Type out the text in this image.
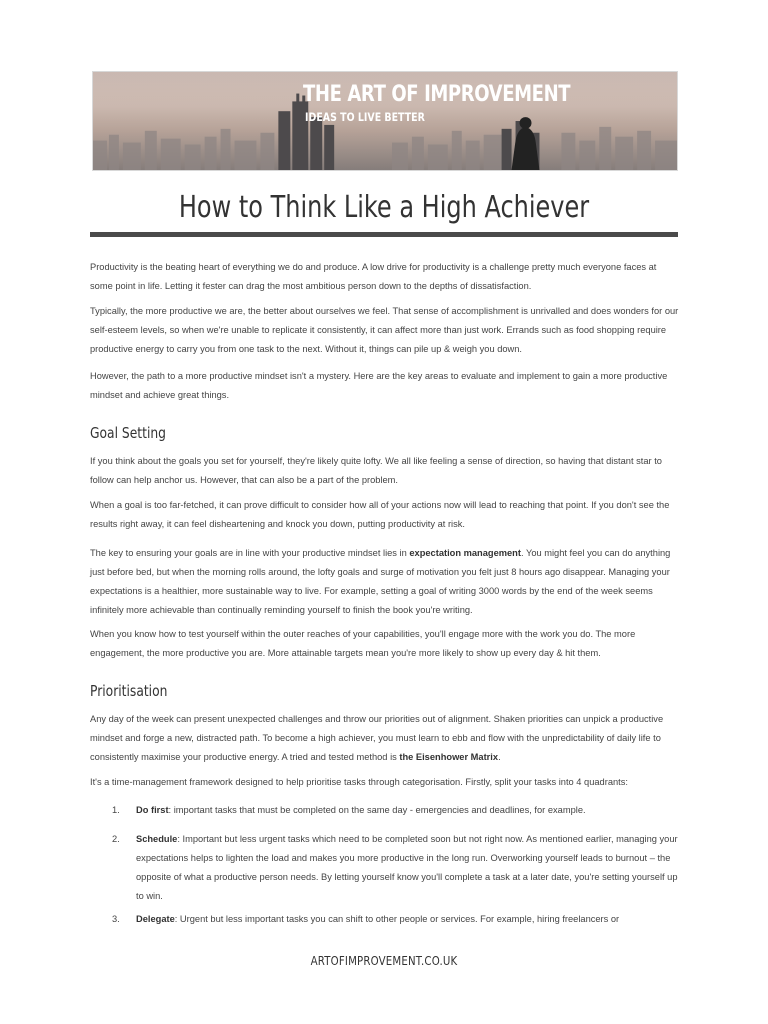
THE ART OF IMPROVEMENT
IDEAS TO LIVE BETTER
How to Think Like a High Achiever

Productivity is the beating heart of everything we do and produce. A low drive for productivity is a challenge pretty much everyone faces at some point in life. Letting it fester can drag the most ambitious person down to the depths of dissatisfaction.

Typically, the more productive we are, the better about ourselves we feel. That sense of accomplishment is unrivalled and does wonders for our self-esteem levels, so when we're unable to replicate it consistently, it can affect more than just work. Errands such as food shopping require productive energy to carry you from one task to the next. Without it, things can pile up & weigh you down.

However, the path to a more productive mindset isn't a mystery. Here are the key areas to evaluate and implement to gain a more productive mindset and achieve great things.

Goal Setting

If you think about the goals you set for yourself, they're likely quite lofty. We all like feeling a sense of direction, so having that distant star to follow can help anchor us. However, that can also be a part of the problem.

When a goal is too far-fetched, it can prove difficult to consider how all of your actions now will lead to reaching that point. If you don't see the results right away, it can feel disheartening and knock you down, putting productivity at risk.

The key to ensuring your goals are in line with your productive mindset lies in expectation management. You might feel you can do anything just before bed, but when the morning rolls around, the lofty goals and surge of motivation you felt just 8 hours ago disappear. Managing your expectations is a healthier, more sustainable way to live. For example, setting a goal of writing 3000 words by the end of the week seems infinitely more achievable than continually reminding yourself to finish the book you're writing.

When you know how to test yourself within the outer reaches of your capabilities, you'll engage more with the work you do. The more engagement, the more productive you are. More attainable targets mean you're more likely to show up every day & hit them.

Prioritisation

Any day of the week can present unexpected challenges and throw our priorities out of alignment. Shaken priorities can unpick a productive mindset and forge a new, distracted path. To become a high achiever, you must learn to ebb and flow with the unpredictability of daily life to consistently maximise your productive energy. A tried and tested method is the Eisenhower Matrix.

It's a time-management framework designed to help prioritise tasks through categorisation. Firstly, split your tasks into 4 quadrants:

1. Do first: important tasks that must be completed on the same day - emergencies and deadlines, for example.
2. Schedule: Important but less urgent tasks which need to be completed soon but not right now. As mentioned earlier, managing your expectations helps to lighten the load and makes you more productive in the long run. Overworking yourself leads to burnout – the opposite of what a productive person needs. By letting yourself know you'll complete a task at a later date, you're setting yourself up to win.
3. Delegate: Urgent but less important tasks you can shift to other people or services. For example, hiring freelancers or
ARTOFIMPROVEMENT.CO.UK
